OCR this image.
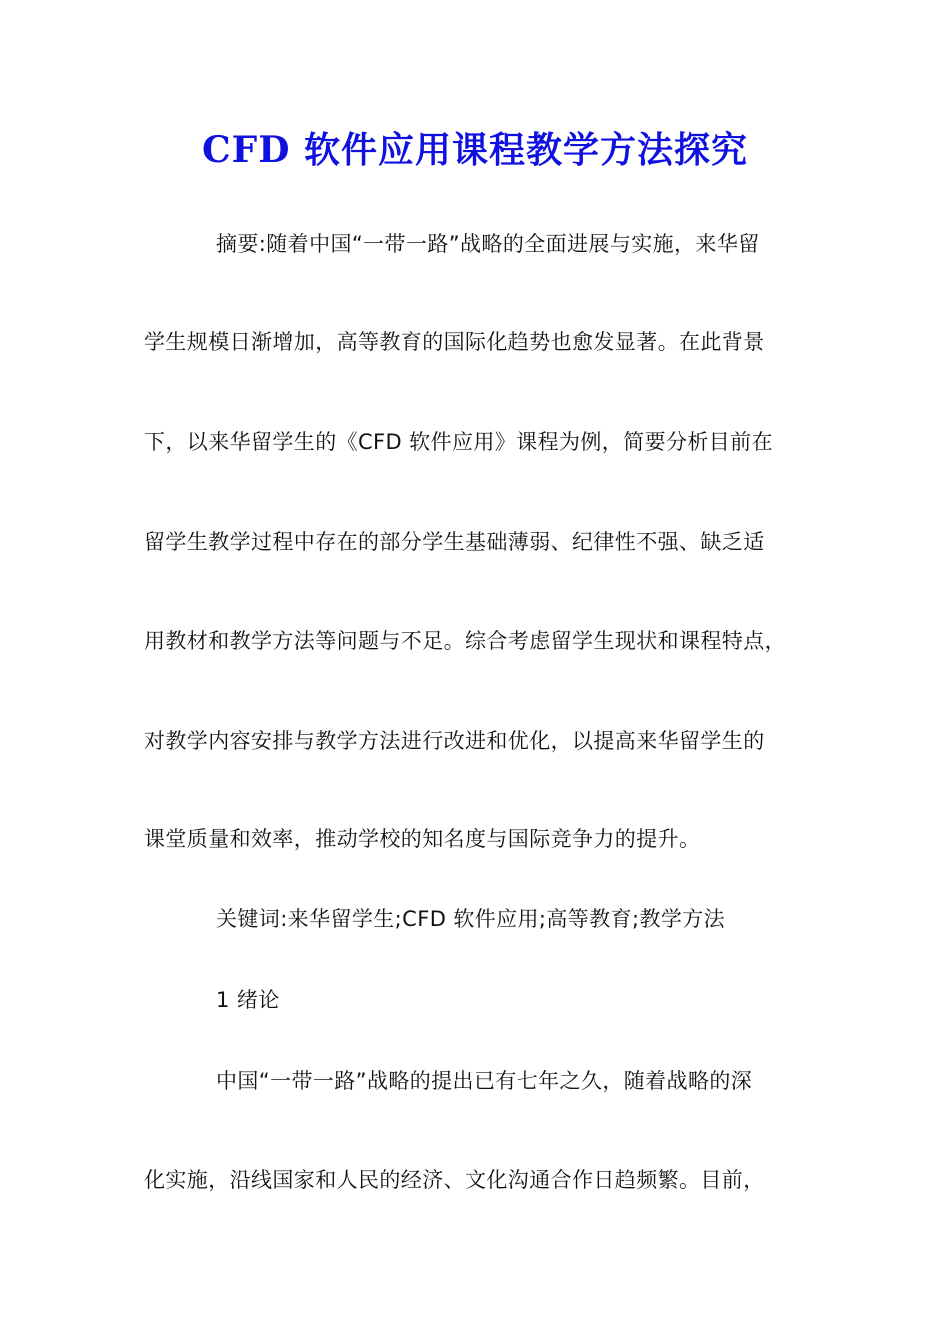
CFD 软件应用课程教学方法探究
摘要:随着中国“一带一路”战略的全面进展与实施，来华留
学生规模日渐增加，高等教育的国际化趋势也愈发显著。在此背景
下，以来华留学生的《CFD 软件应用》课程为例，简要分析目前在
留学生教学过程中存在的部分学生基础薄弱、纪律性不强、缺乏适
用教材和教学方法等问题与不足。综合考虑留学生现状和课程特点，
对教学内容安排与教学方法进行改进和优化，以提高来华留学生的
课堂质量和效率，推动学校的知名度与国际竞争力的提升。
关键词:来华留学生;CFD 软件应用;高等教育;教学方法
1 绪论
中国“一带一路”战略的提出已有七年之久，随着战略的深
化实施，沿线国家和人民的经济、文化沟通合作日趋频繁。目前，
